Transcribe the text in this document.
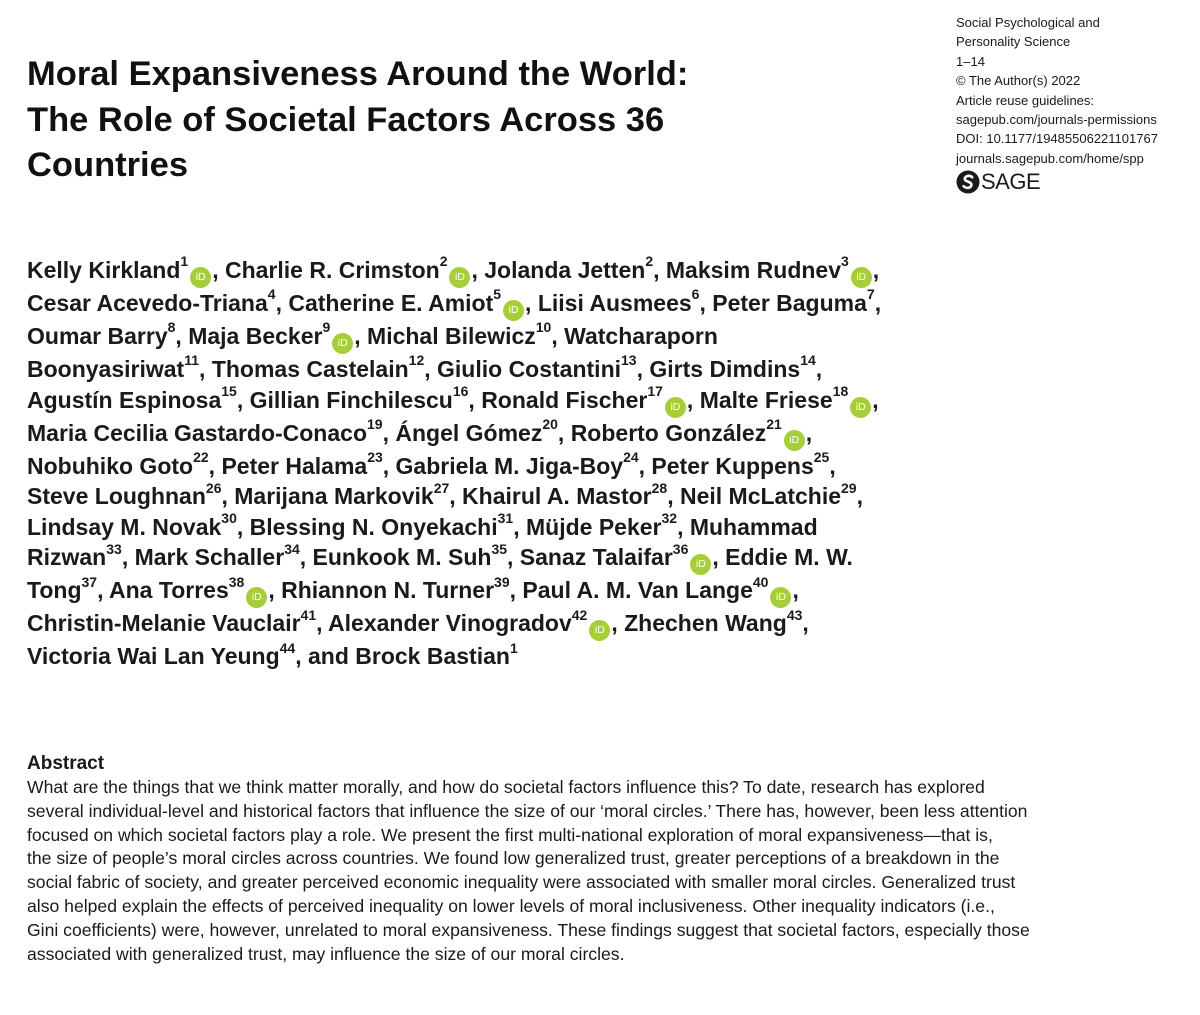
Social Psychological and
Personality Science
1–14
© The Author(s) 2022
Article reuse guidelines:
sagepub.com/journals-permissions
DOI: 10.1177/19485506221101767
journals.sagepub.com/home/spp
SAGE
Moral Expansiveness Around the World:
The Role of Societal Factors Across 36
Countries
Kelly Kirkland$^1$iD , Charlie R. Crimston$^2$iD , Jolanda Jetten$^2$, Maksim Rudnev$^3$iD ,
Cesar Acevedo-Triana$^4$, Catherine E. Amiot$^5$iD , Liisi Ausmees$^6$, Peter Baguma$^7$,
Oumar Barry$^8$, Maja Becker$^9$iD , Michal Bilewicz$^{10}$, Watcharaporn
Boonyasiriwat$^{11}$, Thomas Castelain$^{12}$, Giulio Costantini$^{13}$, Girts Dimdins$^{14}$,
Agustín Espinosa$^{15}$, Gillian Finchilescu$^{16}$, Ronald Fischer$^{17}$iD , Malte Friese$^{18}$iD ,
Maria Cecilia Gastardo-Conaco$^{19}$, Ángel Gómez$^{20}$, Roberto González$^{21}$iD ,
Nobuhiko Goto$^{22}$, Peter Halama$^{23}$, Gabriela M. Jiga-Boy$^{24}$, Peter Kuppens$^{25}$,
Steve Loughnan$^{26}$, Marijana Markovik$^{27}$, Khairul A. Mastor$^{28}$, Neil McLatchie$^{29}$,
Lindsay M. Novak$^{30}$, Blessing N. Onyekachi$^{31}$, Müjde Peker$^{32}$, Muhammad
Rizwan$^{33}$, Mark Schaller$^{34}$, Eunkook M. Suh$^{35}$, Sanaz Talaifar$^{36}$iD , Eddie M. W.
Tong$^{37}$, Ana Torres$^{38}$iD , Rhiannon N. Turner$^{39}$, Paul A. M. Van Lange$^{40}$iD ,
Christin-Melanie Vauclair$^{41}$, Alexander Vinogradov$^{42}$iD , Zhechen Wang$^{43}$,
Victoria Wai Lan Yeung$^{44}$, and Brock Bastian$^1$
Abstract
What are the things that we think matter morally, and how do societal factors influence this? To date, research has explored
several individual-level and historical factors that influence the size of our ‘moral circles.’ There has, however, been less attention
focused on which societal factors play a role. We present the first multi-national exploration of moral expansiveness—that is,
the size of people’s moral circles across countries. We found low generalized trust, greater perceptions of a breakdown in the
social fabric of society, and greater perceived economic inequality were associated with smaller moral circles. Generalized trust
also helped explain the effects of perceived inequality on lower levels of moral inclusiveness. Other inequality indicators (i.e.,
Gini coefficients) were, however, unrelated to moral expansiveness. These findings suggest that societal factors, especially those
associated with generalized trust, may influence the size of our moral circles.
